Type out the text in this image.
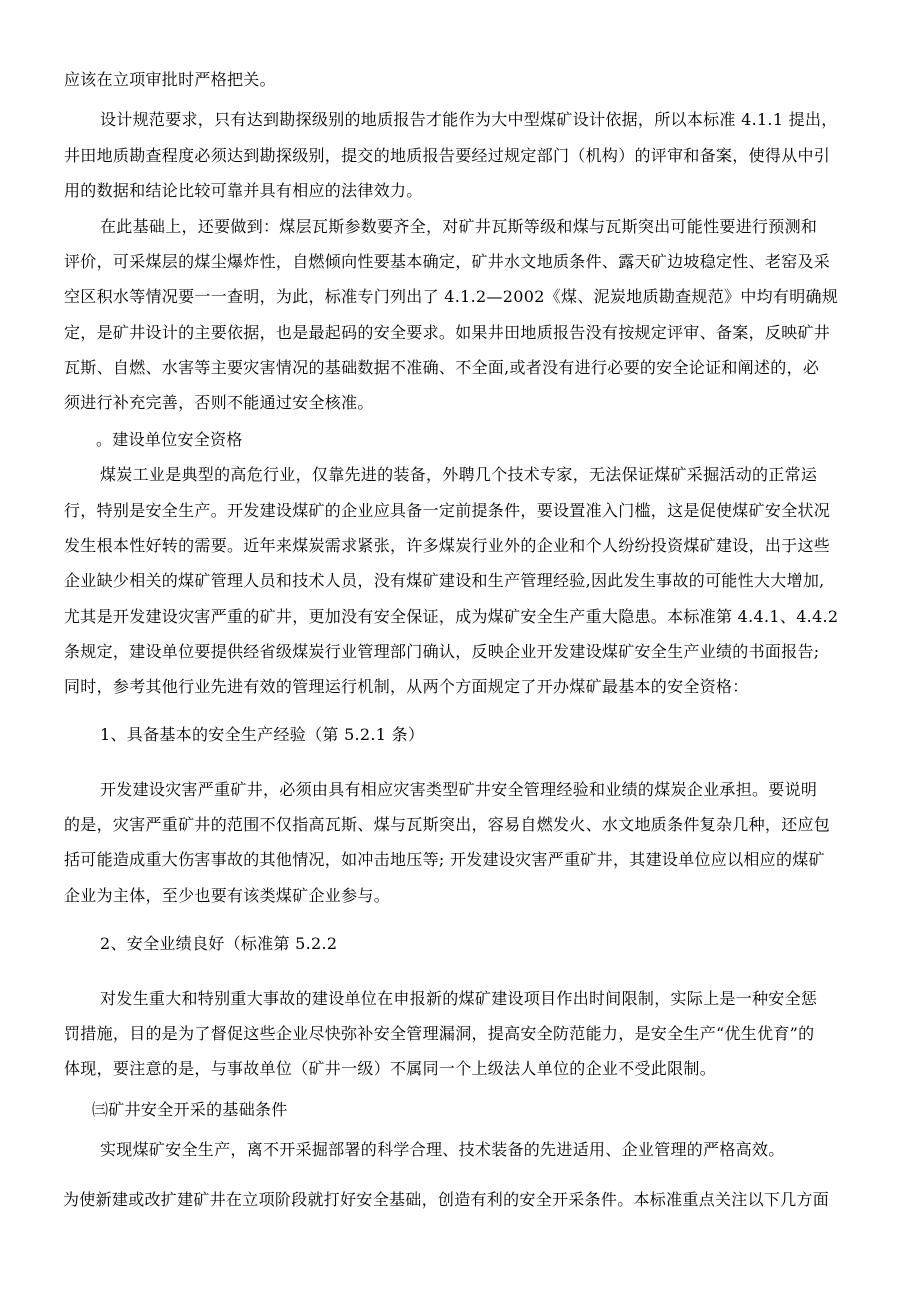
应该在立项审批时严格把关。
设计规范要求，只有达到勘探级别的地质报告才能作为大中型煤矿设计依据，所以本标准 4.1.1 提出，
井田地质勘查程度必须达到勘探级别，提交的地质报告要经过规定部门（机构）的评审和备案，使得从中引
用的数据和结论比较可靠并具有相应的法律效力。
在此基础上，还要做到：煤层瓦斯参数要齐全，对矿井瓦斯等级和煤与瓦斯突出可能性要进行预测和
评价，可采煤层的煤尘爆炸性，自燃倾向性要基本确定，矿井水文地质条件、露天矿边坡稳定性、老窑及采
空区积水等情况要一一查明，为此，标准专门列出了 4.1.2—2002《煤、泥炭地质勘查规范》中均有明确规
定，是矿井设计的主要依据，也是最起码的安全要求。如果井田地质报告没有按规定评审、备案，反映矿井
瓦斯、自燃、水害等主要灾害情况的基础数据不准确、不全面,或者没有进行必要的安全论证和阐述的，必
须进行补充完善，否则不能通过安全核准。
。建设单位安全资格
煤炭工业是典型的高危行业，仅靠先进的装备，外聘几个技术专家，无法保证煤矿采掘活动的正常运
行，特别是安全生产。开发建设煤矿的企业应具备一定前提条件，要设置准入门槛，这是促使煤矿安全状况
发生根本性好转的需要。近年来煤炭需求紧张，许多煤炭行业外的企业和个人纷纷投资煤矿建设，出于这些
企业缺少相关的煤矿管理人员和技术人员，没有煤矿建设和生产管理经验,因此发生事故的可能性大大增加,
尤其是开发建设灾害严重的矿井，更加没有安全保证，成为煤矿安全生产重大隐患。本标准第 4.4.1、4.4.2
条规定，建设单位要提供经省级煤炭行业管理部门确认，反映企业开发建设煤矿安全生产业绩的书面报告;
同时，参考其他行业先进有效的管理运行机制，从两个方面规定了开办煤矿最基本的安全资格：
1、具备基本的安全生产经验（第 5.2.1 条）
开发建设灾害严重矿井，必须由具有相应灾害类型矿井安全管理经验和业绩的煤炭企业承担。要说明
的是，灾害严重矿井的范围不仅指高瓦斯、煤与瓦斯突出，容易自燃发火、水文地质条件复杂几种，还应包
括可能造成重大伤害事故的其他情况，如冲击地压等; 开发建设灾害严重矿井，其建设单位应以相应的煤矿
企业为主体，至少也要有该类煤矿企业参与。
2、安全业绩良好（标准第 5.2.2
对发生重大和特别重大事故的建设单位在申报新的煤矿建设项目作出时间限制，实际上是一种安全惩
罚措施，目的是为了督促这些企业尽快弥补安全管理漏洞，提高安全防范能力，是安全生产“优生优育”的
体现，要注意的是，与事故单位（矿井一级）不属同一个上级法人单位的企业不受此限制。
㈢矿井安全开采的基础条件
实现煤矿安全生产，离不开采掘部署的科学合理、技术装备的先进适用、企业管理的严格高效。
为使新建或改扩建矿井在立项阶段就打好安全基础，创造有利的安全开采条件。本标准重点关注以下几方面
